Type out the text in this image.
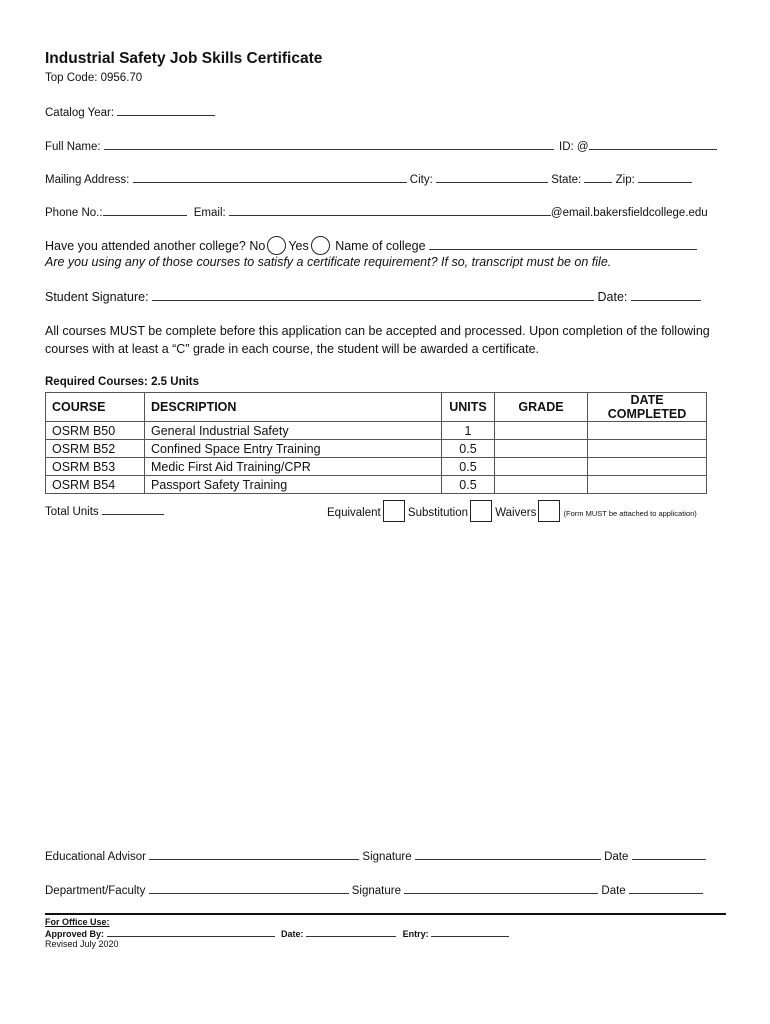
Industrial Safety Job Skills Certificate
Top Code: 0956.70
Catalog Year:
Full Name:	ID: @
Mailing Address:	City:	State:	Zip:
Phone No.:	Email:	@email.bakersfieldcollege.edu
Have you attended another college? No Yes Name of college
Are you using any of those courses to satisfy a certificate requirement? If so, transcript must be on file.
Student Signature:	Date:
All courses MUST be complete before this application can be accepted and processed. Upon completion of the following
courses with at least a “C” grade in each course, the student will be awarded a certificate.
Required Courses: 2.5 Units
COURSE	DESCRIPTION	UNITS	GRADE	DATE COMPLETED
OSRM B50	General Industrial Safety	1		
OSRM B52	Confined Space Entry Training	0.5		
OSRM B53	Medic First Aid Training/CPR	0.5		
OSRM B54	Passport Safety Training	0.5		
Total Units	Equivalent Substitution Waivers	(Form MUST be attached to application)
Educational Advisor	Signature	Date
Department/Faculty	Signature	Date
For Office Use:
Approved By:	Date:	Entry:
Revised July 2020
